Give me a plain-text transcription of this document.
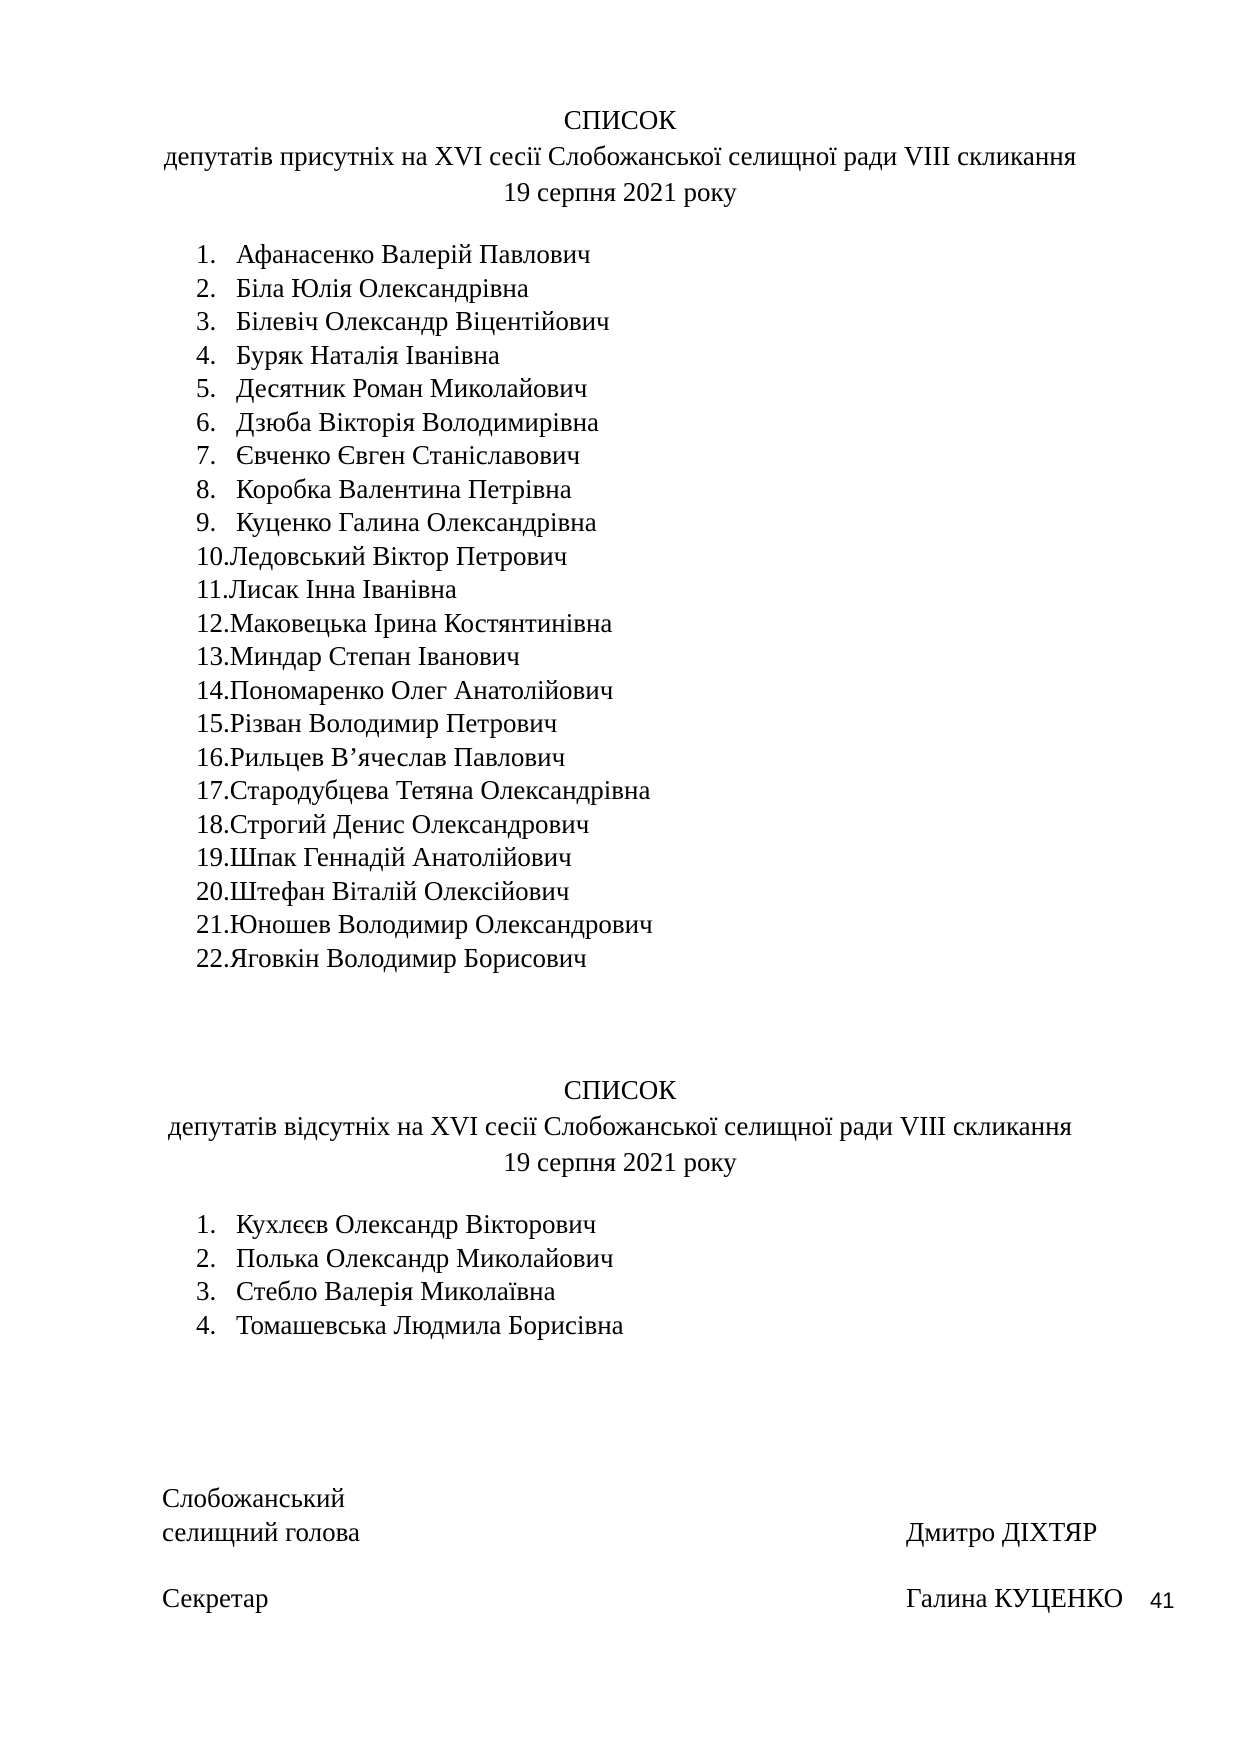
СПИСОК
депутатів присутніх на XVI сесії Слобожанської селищної ради VIII скликання
19 серпня 2021 року
1. Афанасенко Валерій Павлович
2. Біла Юлія Олександрівна
3. Білевіч Олександр Віцентійович
4. Буряк Наталія Іванівна
5. Десятник Роман Миколайович
6. Дзюба Вікторія Володимирівна
7. Євченко Євген Станіславович
8. Коробка Валентина Петрівна
9. Куценко Галина Олександрівна
10. Ледовський Віктор Петрович
11. Лисак Інна Іванівна
12. Маковецька Ірина Костянтинівна
13. Миндар Степан Іванович
14. Пономаренко Олег Анатолійович
15. Різван Володимир Петрович
16. Рильцев В’ячеслав Павлович
17. Стародубцева Тетяна Олександрівна
18. Строгий Денис Олександрович
19. Шпак Геннадій Анатолійович
20. Штефан Віталій Олексійович
21. Юношев Володимир Олександрович
22. Яговкін Володимир Борисович
СПИСОК
депутатів відсутніх на XVI сесії Слобожанської селищної ради VIII скликання
19 серпня 2021 року
1. Кухлєєв Олександр Вікторович
2. Полька Олександр Миколайович
3. Стебло Валерія Миколаївна
4. Томашевська Людмила Борисівна
Слобожанський
селищний голова	Дмитро ДІХТЯР
Секретар	Галина КУЦЕНКО 41
